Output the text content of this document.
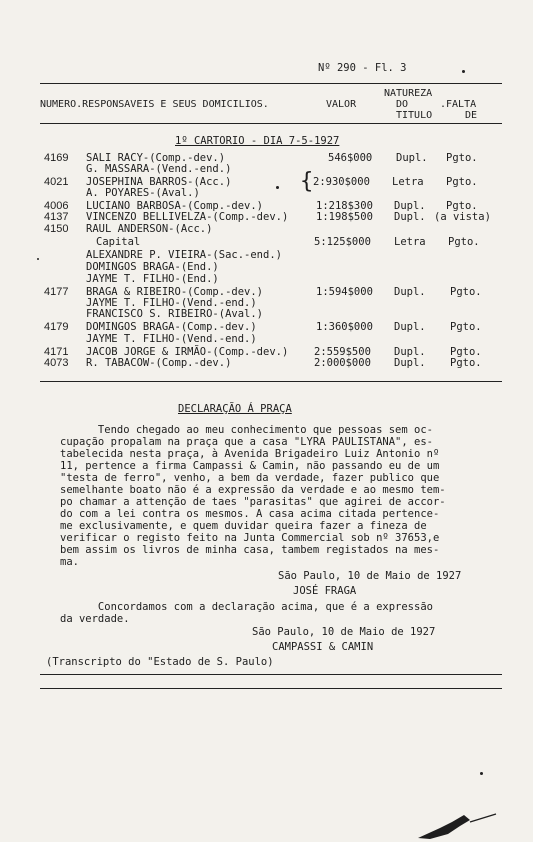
Nº 290 - Fl. 3
NUMERO.RESPONSAVEIS E SEUS DOMICILIOS.	VALOR
NATUREZA
DO
TITULO
.FALTA
DE
1º CARTORIO - DIA 7-5-1927
4169 SALI RACY-(Comp.-dev.)
G. MASSARA-(Vend.-end.)
546$000 Dupl. Pgto.
4021 JOSEPHINA BARROS-(Acc.)
A. POYARES-(Aval.)	{ 2:930$000 Letra Pgto.
4006 LUCIANO BARBOSA-(Comp.-dev.)	1:218$300 Dupl. Pgto.
4137 VINCENZO BELLIVELZA-(Comp.-dev.)	1:198$500 Dupl. (a vista)
4150 RAUL ANDERSON-(Acc.)
Capital
ALEXANDRE P. VIEIRA-(Sac.-end.)
DOMINGOS BRAGA-(End.)
JAYME T. FILHO-(End.)
5:125$000 Letra Pgto.
4177 BRAGA & RIBEIRO-(Comp.-dev.)
JAYME T. FILHO-(Vend.-end.)
FRANCISCO S. RIBEIRO-(Aval.)
1:594$000 Dupl. Pgto.
4179 DOMINGOS BRAGA-(Comp.-dev.)
JAYME T. FILHO-(Vend.-end.)
1:360$000 Dupl. Pgto.
4171 JACOB JORGE & IRMÃO-(Comp.-dev.) 2:559$500 Dupl. Pgto.
4073 R. TABACOW-(Comp.-dev.)	2:000$000 Dupl. Pgto.
DECLARAÇÃO Á PRAÇA
Tendo chegado ao meu conhecimento que pessoas sem oc-
cupação propalam na praça que a casa "LYRA PAULISTANA", es-
tabelecida nesta praça, à Avenida Brigadeiro Luiz Antonio nº
11, pertence a firma Campassi & Camin, não passando eu de um
"testa de ferro", venho, a bem da verdade, fazer publico que
semelhante boato não é a expressão da verdade e ao mesmo tem-
po chamar a attenção de taes "parasitas" que agirei de accor-
do com a lei contra os mesmos. A casa acima citada pertence-
me exclusivamente, e quem duvidar queira fazer a fineza de
verificar o registo feito na Junta Commercial sob nº 37653,e
bem assim os livros de minha casa, tambem registados na mes-
ma.
São Paulo, 10 de Maio de 1927
JOSÉ FRAGA
Concordamos com a declaração acima, que é a expressão
da verdade.
São Paulo, 10 de Maio de 1927
CAMPASSI & CAMIN
(Transcripto do "Estado de S. Paulo)
